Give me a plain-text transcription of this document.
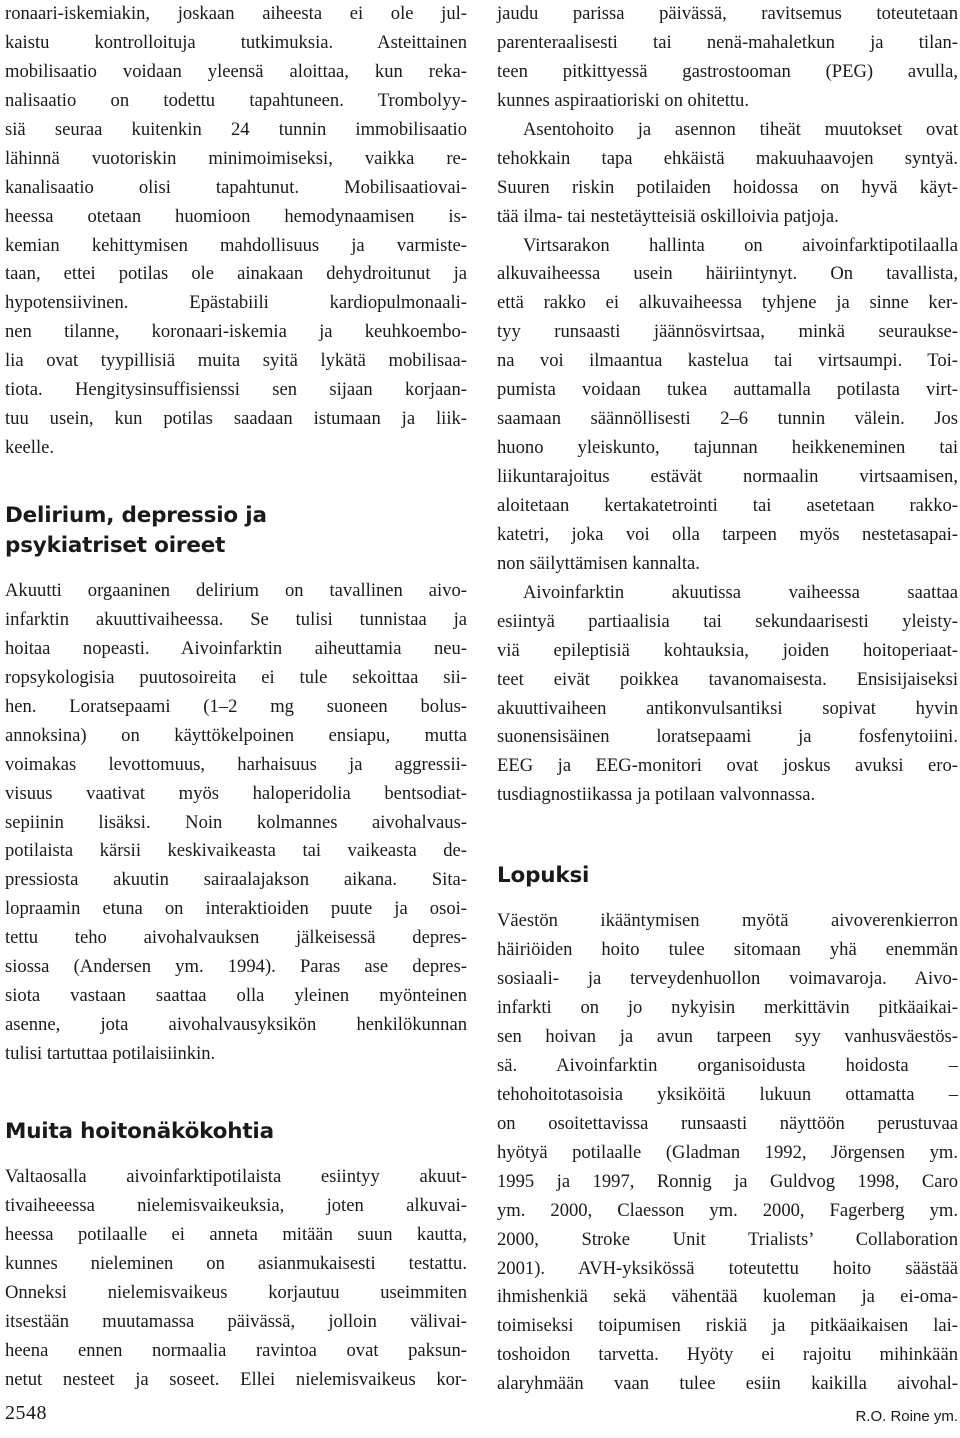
ronaari-iskemiakin, joskaan aiheesta ei ole jul-
kaistu kontrolloituja tutkimuksia. Asteittainen
mobilisaatio voidaan yleensä aloittaa, kun reka-
nalisaatio on todettu tapahtuneen. Trombolyy-
siä seuraa kuitenkin 24 tunnin immobilisaatio
lähinnä vuotoriskin minimoimiseksi, vaikka re-
kanalisaatio olisi tapahtunut. Mobilisaatiovai-
heessa otetaan huomioon hemodynaamisen is-
kemian kehittymisen mahdollisuus ja varmiste-
taan, ettei potilas ole ainakaan dehydroitunut ja
hypotensiivinen. Epästabiili kardiopulmonaali-
nen tilanne, koronaari-iskemia ja keuhkoembo-
lia ovat tyypillisiä muita syitä lykätä mobilisaa-
tiota. Hengitysinsuffisienssi sen sijaan korjaan-
tuu usein, kun potilas saadaan istumaan ja liik-
keelle.
Delirium, depressio ja
psykiatriset oireet
Akuutti orgaaninen delirium on tavallinen aivo-
infarktin akuuttivaiheessa. Se tulisi tunnistaa ja
hoitaa nopeasti. Aivoinfarktin aiheuttamia neu-
ropsykologisia puutosoireita ei tule sekoittaa sii-
hen. Loratsepaami (1–2 mg suoneen bolus-
annoksina) on käyttökelpoinen ensiapu, mutta
voimakas levottomuus, harhaisuus ja aggressii-
visuus vaativat myös haloperidolia bentsodiat-
sepiinin lisäksi. Noin kolmannes aivohalvaus-
potilaista kärsii keskivaikeasta tai vaikeasta de-
pressiosta akuutin sairaalajakson aikana. Sita-
lopraamin etuna on interaktioiden puute ja osoi-
tettu teho aivohalvauksen jälkeisessä depres-
siossa (Andersen ym. 1994). Paras ase depres-
siota vastaan saattaa olla yleinen myönteinen
asenne, jota aivohalvausyksikön henkilökunnan
tulisi tartuttaa potilaisiinkin.
Muita hoitonäkökohtia
Valtaosalla aivoinfarktipotilaista esiintyy akuut-
tivaiheeessa nielemisvaikeuksia, joten alkuvai-
heessa potilaalle ei anneta mitään suun kautta,
kunnes nieleminen on asianmukaisesti testattu.
Onneksi nielemisvaikeus korjautuu useimmiten
itsestään muutamassa päivässä, jolloin välivai-
heena ennen normaalia ravintoa ovat paksun-
netut nesteet ja soseet. Ellei nielemisvaikeus kor-
jaudu parissa päivässä, ravitsemus toteutetaan
parenteraalisesti tai nenä-mahaletkun ja tilan-
teen pitkittyessä gastrostooman (PEG) avulla,
kunnes aspiraatioriski on ohitettu.
Asentohoito ja asennon tiheät muutokset ovat
tehokkain tapa ehkäistä makuuhaavojen syntyä.
Suuren riskin potilaiden hoidossa on hyvä käyt-
tää ilma- tai nestetäytteisiä oskilloivia patjoja.
Virtsarakon hallinta on aivoinfarktipotilaalla
alkuvaiheessa usein häiriintynyt. On tavallista,
että rakko ei alkuvaiheessa tyhjene ja sinne ker-
tyy runsaasti jäännösvirtsaa, minkä seurauksе-
na voi ilmaantua kastelua tai virtsaumpi. Toi-
pumista voidaan tukea auttamalla potilasta virt-
saamaan säännöllisesti 2–6 tunnin välein. Jos
huono yleiskunto, tajunnan heikkeneminen tai
liikuntarajoitus estävät normaalin virtsaamisen,
aloitetaan kertakatetrointi tai asetetaan rakko-
katetri, joka voi olla tarpeen myös nestetasapai-
non säilyttämisen kannalta.
Aivoinfarktin akuutissa vaiheessa saattaa
esiintyä partiaalisia tai sekundaarisesti yleisty-
viä epileptisiä kohtauksia, joiden hoitoperiaat-
teet eivät poikkea tavanomaisesta. Ensisijaiseksi
akuuttivaiheen antikonvulsantiksi sopivat hyvin
suonensisäinen loratsepaami ja fosfenytoiini.
EEG ja EEG-monitori ovat joskus avuksi ero-
tusdiagnostiikassa ja potilaan valvonnassa.
Lopuksi
Väestön ikääntymisen myötä aivoverenkierron
häiriöiden hoito tulee sitomaan yhä enemmän
sosiaali- ja terveydenhuollon voimavaroja. Aivo-
infarkti on jo nykyisin merkittävin pitkäaikai-
sen hoivan ja avun tarpeen syy vanhusväestös-
sä. Aivoinfarktin organisoidusta hoidosta –
tehohoitotasoisia yksiköitä lukuun ottamatta –
on osoitettavissa runsaasti näyttöön perustuvaa
hyötyä potilaalle (Gladman 1992, Jörgensen ym.
1995 ja 1997, Ronnig ja Guldvog 1998, Caro
ym. 2000, Claesson ym. 2000, Fagerberg ym.
2000, Stroke Unit Trialists’ Collaboration
2001). AVH-yksikössä toteutettu hoito säästää
ihmishenkiä sekä vähentää kuoleman ja ei-oma-
toimiseksi toipumisen riskiä ja pitkäaikaisen lai-
toshoidon tarvetta. Hyöty ei rajoitu mihinkään
alaryhmään vaan tulee esiin kaikilla aivohal-
2548	R.O. Roine ym.
